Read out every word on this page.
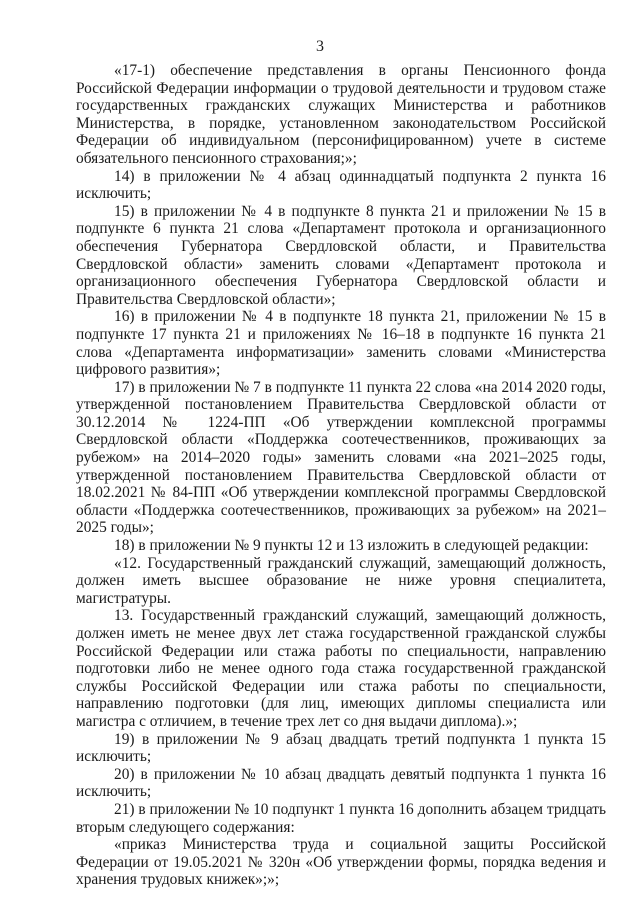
3

«17-1) обеспечение представления в органы Пенсионного фонда Российской Федерации информации о трудовой деятельности и трудовом стаже государственных гражданских служащих Министерства и работников Министерства, в порядке, установленном законодательством Российской Федерации об индивидуальном (персонифицированном) учете в системе обязательного пенсионного страхования;»;

14) в приложении № 4 абзац одиннадцатый подпункта 2 пункта 16 исключить;

15) в приложении № 4 в подпункте 8 пункта 21 и приложении № 15 в подпункте 6 пункта 21 слова «Департамент протокола и организационного обеспечения Губернатора Свердловской области, и Правительства Свердловской области» заменить словами «Департамент протокола и организационного обеспечения Губернатора Свердловской области и Правительства Свердловской области»;

16) в приложении № 4 в подпункте 18 пункта 21, приложении № 15 в подпункте 17 пункта 21 и приложениях № 16–18 в подпункте 16 пункта 21 слова «Департамента информатизации» заменить словами «Министерства цифрового развития»;

17) в приложении № 7 в подпункте 11 пункта 22 слова «на 2014 2020 годы, утвержденной постановлением Правительства Свердловской области от 30.12.2014 № 1224-ПП «Об утверждении комплексной программы Свердловской области «Поддержка соотечественников, проживающих за рубежом» на 2014–2020 годы» заменить словами «на 2021–2025 годы, утвержденной постановлением Правительства Свердловской области от 18.02.2021 № 84-ПП «Об утверждении комплексной программы Свердловской области «Поддержка соотечественников, проживающих за рубежом» на 2021–2025 годы»;

18) в приложении № 9 пункты 12 и 13 изложить в следующей редакции:

«12. Государственный гражданский служащий, замещающий должность, должен иметь высшее образование не ниже уровня специалитета, магистратуры.

13. Государственный гражданский служащий, замещающий должность, должен иметь не менее двух лет стажа государственной гражданской службы Российской Федерации или стажа работы по специальности, направлению подготовки либо не менее одного года стажа государственной гражданской службы Российской Федерации или стажа работы по специальности, направлению подготовки (для лиц, имеющих дипломы специалиста или магистра с отличием, в течение трех лет со дня выдачи диплома).»;

19) в приложении № 9 абзац двадцать третий подпункта 1 пункта 15 исключить;

20) в приложении № 10 абзац двадцать девятый подпункта 1 пункта 16 исключить;

21) в приложении № 10 подпункт 1 пункта 16 дополнить абзацем тридцать вторым следующего содержания:

«приказ Министерства труда и социальной защиты Российской Федерации от 19.05.2021 № 320н «Об утверждении формы, порядка ведения и хранения трудовых книжек»;»;
